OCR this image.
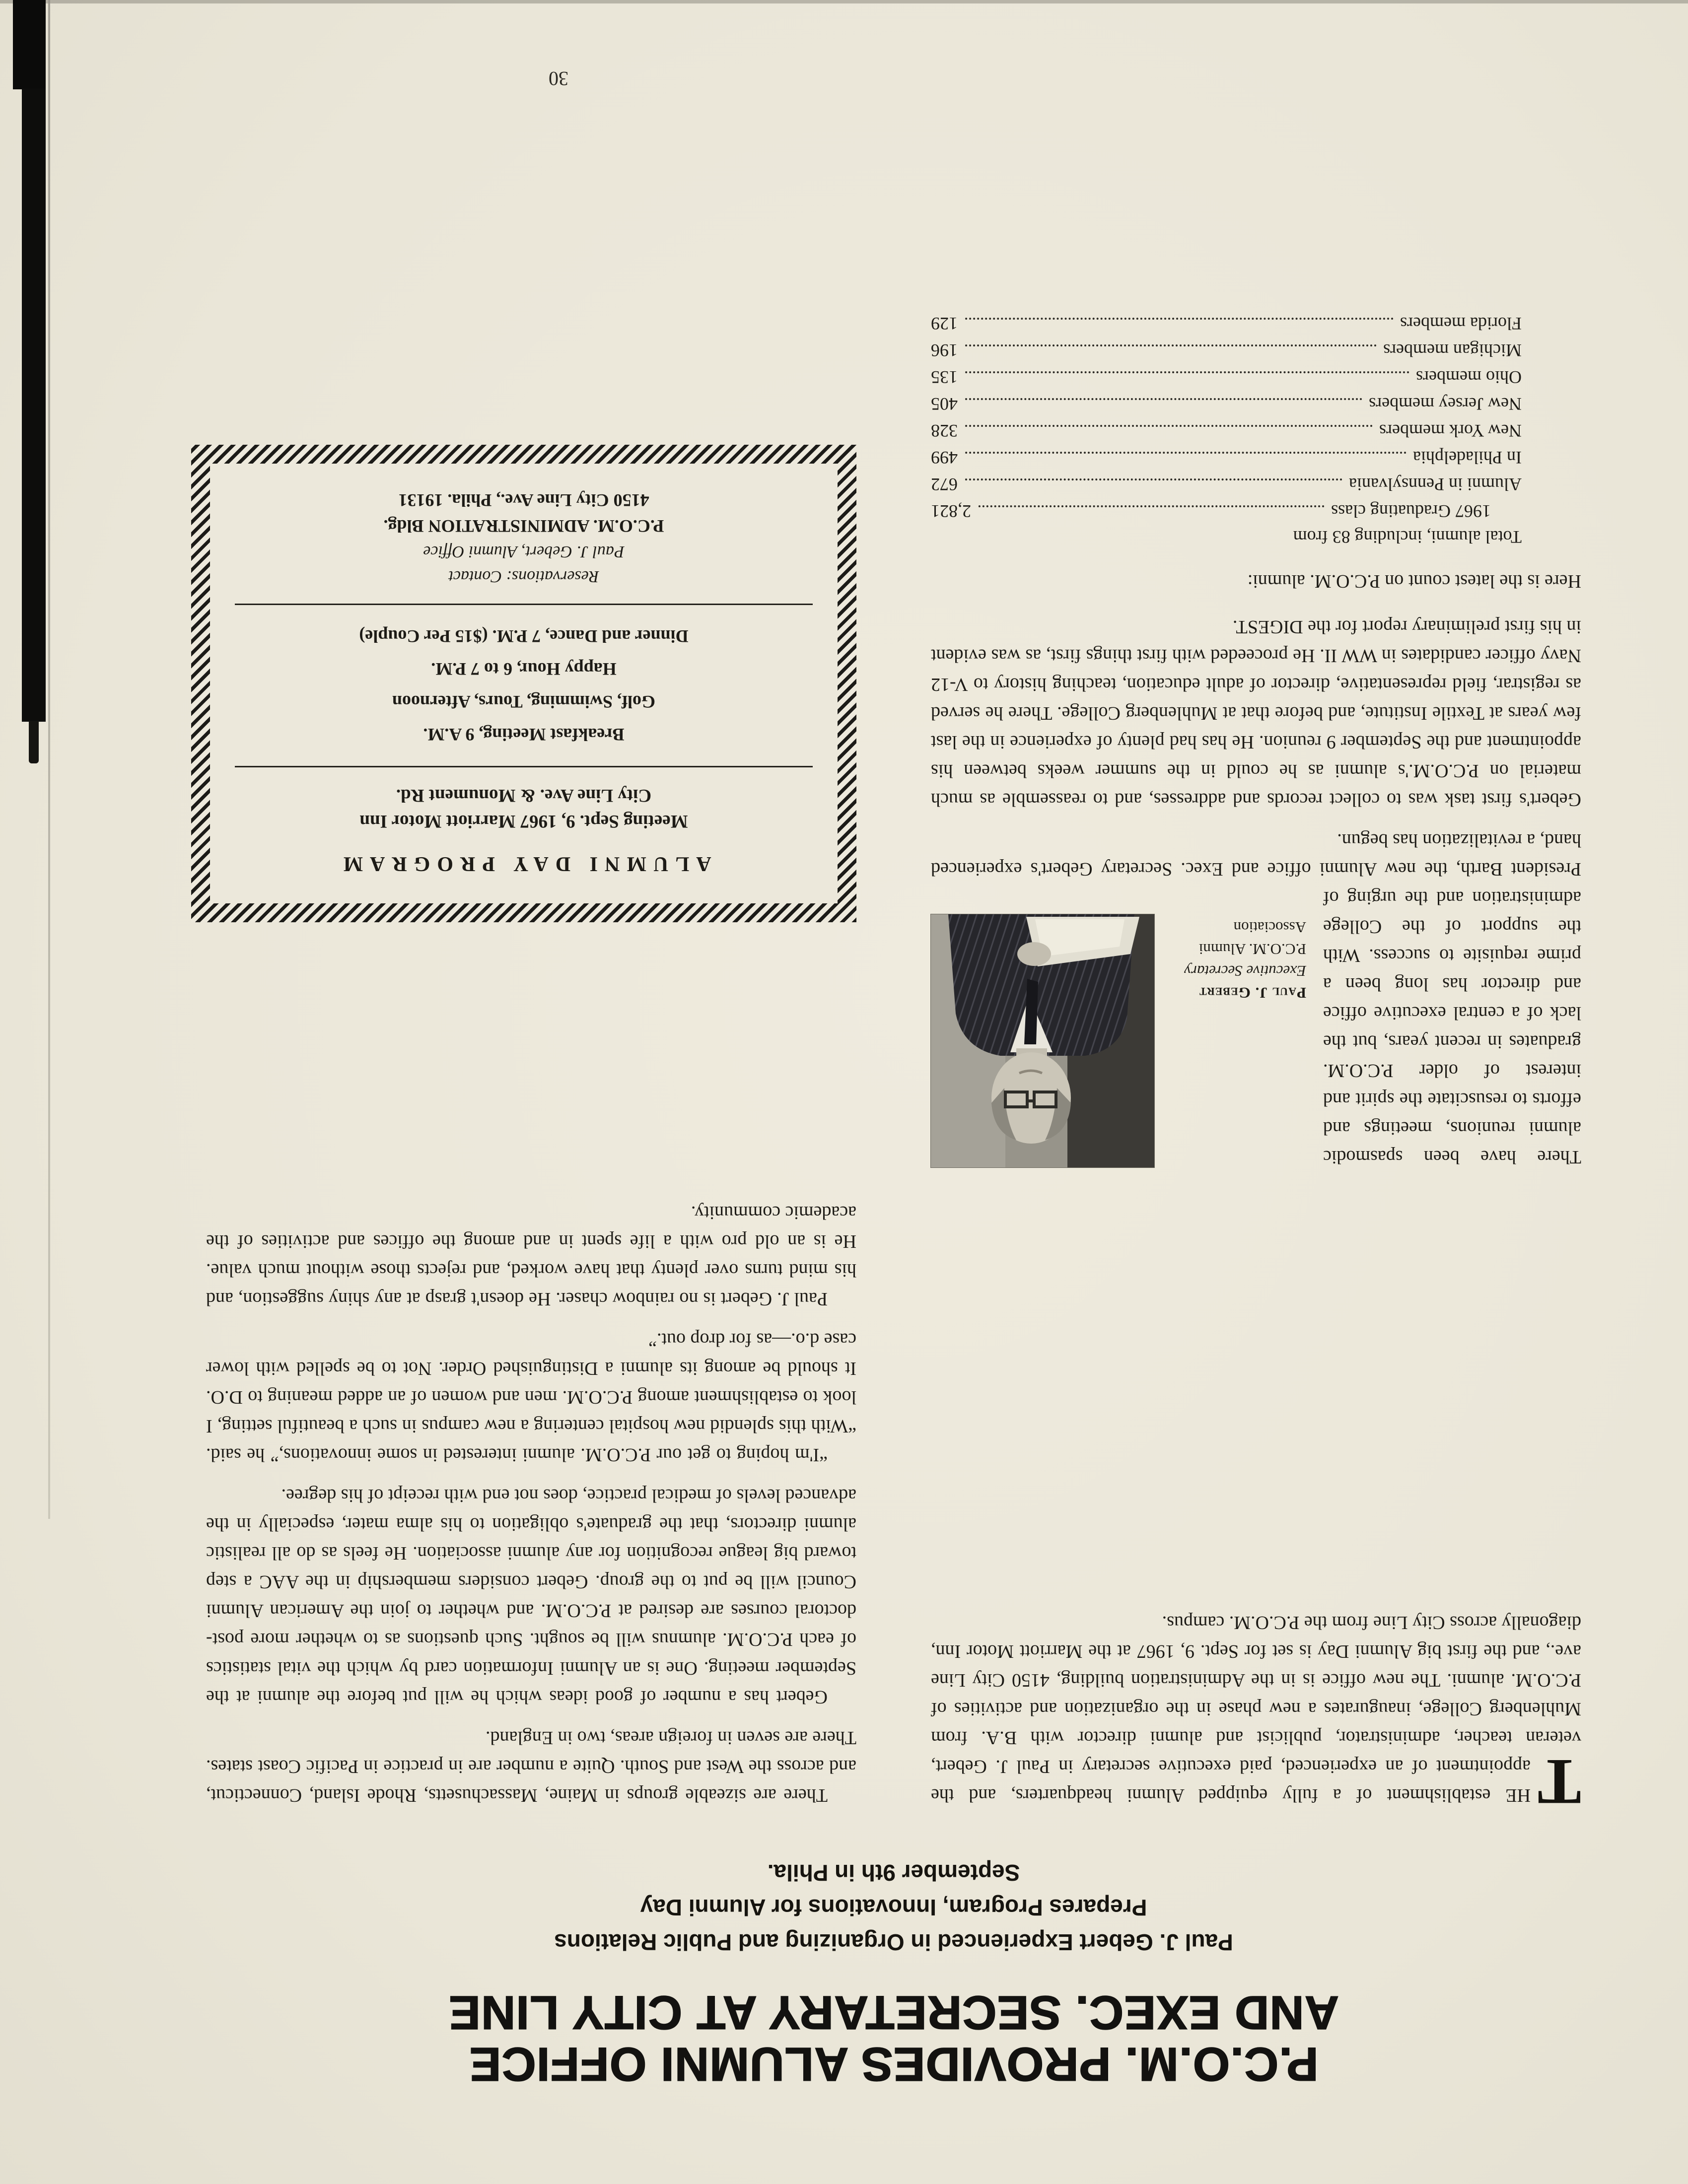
P.C.O.M. PROVIDES ALUMNI OFFICE
AND EXEC. SECRETARY AT CITY LINE
Paul J. Gebert Experienced in Organizing and Public Relations
Prepares Program, Innovations for Alumni Day
September 9th in Phila.

T
HE establishment of a fully equipped Alumni headquarters, and the appointment of an experienced, paid executive secretary in Paul J. Gebert, veteran teacher, administrator, publicist and alumni director with B.A. from Muhlenberg College, inaugurates a new phase in the organization and activities of P.C.O.M. alumni. The new office is in the Administration building, 4150 City Line ave., and the first big Alumni Day is set for Sept. 9, 1967 at the Marriott Motor Inn, diagonally across City Line from the P.C.O.M. campus.

Paul J. Gebert
Executive Secretary
P.C.O.M. Alumni
Association
There have been spasmodic alumni reunions, meetings and efforts to resuscitate the spirit and interest of older P.C.O.M. graduates in recent years, but the lack of a central executive office and director has long been a prime requisite to success. With the support of the College administration and the urging of President Barth, the new Alumni office and Exec. Secretary Gebert's experienced hand, a revitalization has begun.

Gebert's first task was to collect records and addresses, and to reassemble as much material on P.C.O.M.'s alumni as he could in the summer weeks between his appointment and the September 9 reunion. He has had plenty of experience in the last few years at Textile Institute, and before that at Muhlenberg College. There he served as registrar, field representative, director of adult education, teaching history to V-12 Navy officer candidates in WW II. He proceeded with first things first, as was evident in his first preliminary report for the DIGEST.

Here is the latest count on P.C.O.M. alumni:

Total alumni, including 83 from
1967 Graduating class
2,821
Alumni in Pennsylvania
672
In Philadelphia
499
New York members
328
New Jersey members
405
Ohio members
135
Michigan members
196
Florida members
129

There are sizeable groups in Maine, Massachusetts, Rhode Island, Connecticut, and across the West and South. Quite a number are in practice in Pacific Coast states. There are seven in foreign areas, two in England.

Gebert has a number of good ideas which he will put before the alumni at the September meeting. One is an Alumni Information card by which the vital statistics of each P.C.O.M. alumnus will be sought. Such questions as to whether more post-doctoral courses are desired at P.C.O.M. and whether to join the American Alumni Council will be put to the group. Gebert considers membership in the AAC a step toward big league recognition for any alumni association. He feels as do all realistic alumni directors, that the graduate's obligation to his alma mater, especially in the advanced levels of medical practice, does not end with receipt of his degree.

“I'm hoping to get our P.C.O.M. alumni interested in some innovations,” he said. “With this splendid new hospital centering a new campus in such a beautiful setting, I look to establishment among P.C.O.M. men and women of an added meaning to D.O. It should be among its alumni a Distinguished Order. Not to be spelled with lower case d.o.—as for drop out.”

Paul J. Gebert is no rainbow chaser. He doesn't grasp at any shiny suggestion, and his mind turns over plenty that have worked, and rejects those without much value. He is an old pro with a life spent in and among the offices and activities of the academic community.

ALUMNI DAY PROGRAM

Meeting Sept. 9, 1967 Marriott Motor Inn

City Line Ave. & Monument Rd.

Breakfast Meeting, 9 A.M.

Golf, Swimming, Tours, Afternoon

Happy Hour, 6 to 7 P.M.

Dinner and Dance, 7 P.M. ($15 Per Couple)

Reservations: Contact

Paul J. Gebert, Alumni Office

P.C.O.M. ADMINISTRATION Bldg.

4150 City Line Ave., Phila. 19131

30
